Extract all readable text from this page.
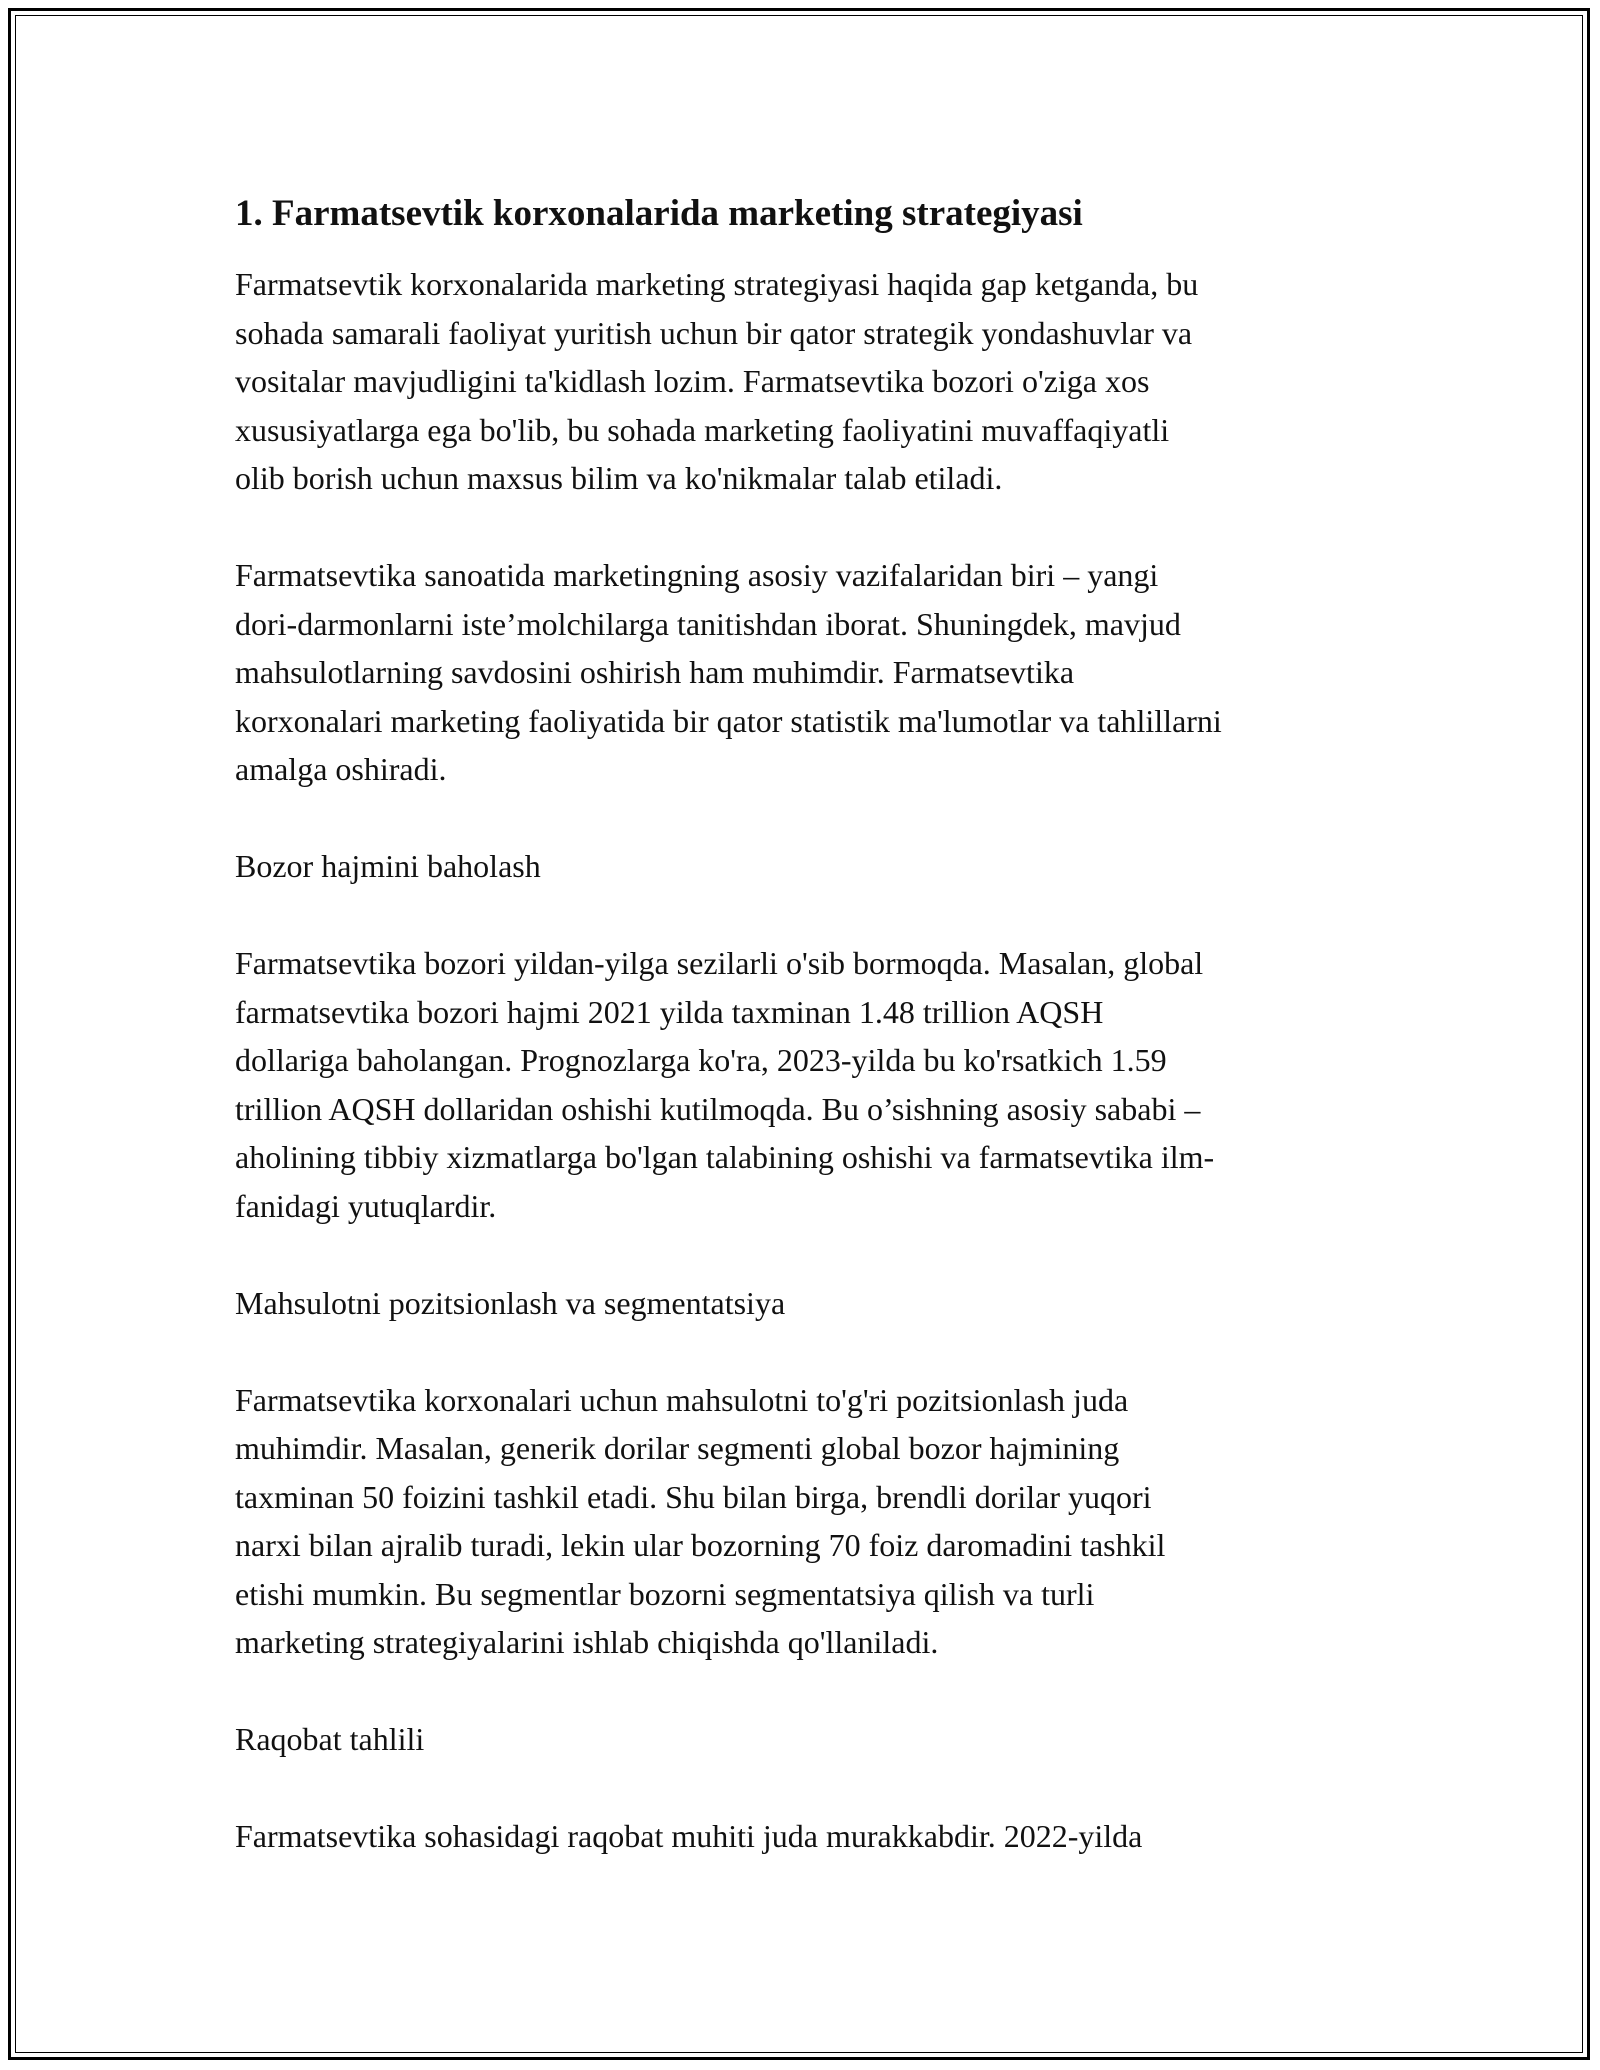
1. Farmatsevtik korxonalarida marketing strategiyasi
Farmatsevtik korxonalarida marketing strategiyasi haqida gap ketganda, bu
sohada samarali faoliyat yuritish uchun bir qator strategik yondashuvlar va
vositalar mavjudligini ta'kidlash lozim. Farmatsevtika bozori o'ziga xos
xususiyatlarga ega bo'lib, bu sohada marketing faoliyatini muvaffaqiyatli
olib borish uchun maxsus bilim va ko'nikmalar talab etiladi.
Farmatsevtika sanoatida marketingning asosiy vazifalaridan biri – yangi
dori-darmonlarni iste’molchilarga tanitishdan iborat. Shuningdek, mavjud
mahsulotlarning savdosini oshirish ham muhimdir. Farmatsevtika
korxonalari marketing faoliyatida bir qator statistik ma'lumotlar va tahlillarni
amalga oshiradi.
Bozor hajmini baholash
Farmatsevtika bozori yildan-yilga sezilarli o'sib bormoqda. Masalan, global
farmatsevtika bozori hajmi 2021 yilda taxminan 1.48 trillion AQSH
dollariga baholangan. Prognozlarga ko'ra, 2023-yilda bu ko'rsatkich 1.59
trillion AQSH dollaridan oshishi kutilmoqda. Bu o’sishning asosiy sababi –
aholining tibbiy xizmatlarga bo'lgan talabining oshishi va farmatsevtika ilm-
fanidagi yutuqlardir.
Mahsulotni pozitsionlash va segmentatsiya
Farmatsevtika korxonalari uchun mahsulotni to'g'ri pozitsionlash juda
muhimdir. Masalan, generik dorilar segmenti global bozor hajmining
taxminan 50 foizini tashkil etadi. Shu bilan birga, brendli dorilar yuqori
narxi bilan ajralib turadi, lekin ular bozorning 70 foiz daromadini tashkil
etishi mumkin. Bu segmentlar bozorni segmentatsiya qilish va turli
marketing strategiyalarini ishlab chiqishda qo'llaniladi.
Raqobat tahlili
Farmatsevtika sohasidagi raqobat muhiti juda murakkabdir. 2022-yilda
